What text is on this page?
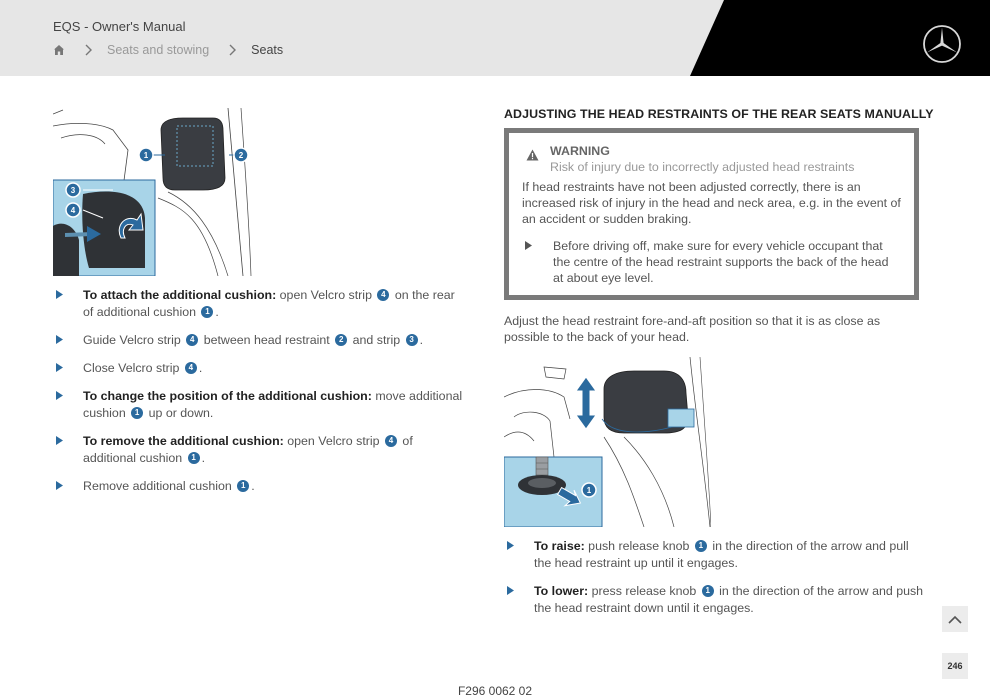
EQS - Owner's Manual
Seats and stowing	Seats
1	2
3
4
To attach the additional cushion: open Velcro strip 4 on the rear of additional cushion 1 .
Guide Velcro strip 4 between head restraint 2 and strip 3 .
Close Velcro strip 4 .
To change the position of the additional cushion: move additional cushion 1 up or down.
To remove the additional cushion: open Velcro strip 4 of additional cushion 1 .
Remove additional cushion 1 .
ADJUSTING THE HEAD RESTRAINTS OF THE REAR SEATS MANUALLY
WARNING
Risk of injury due to incorrectly adjusted head restraints
If head restraints have not been adjusted correctly, there is an increased risk of injury in the head and neck area, e.g. in the event of an accident or sudden braking.
Before driving off, make sure for every vehicle occupant that the centre of the head restraint supports the back of the head at about eye level.
Adjust the head restraint fore-and-aft position so that it is as close as possible to the back of your head.
1
To raise: push release knob 1 in the direction of the arrow and pull the head restraint up until it engages.
To lower: press release knob 1 in the direction of the arrow and push the head restraint down until it engages.
246
F296 0062 02
